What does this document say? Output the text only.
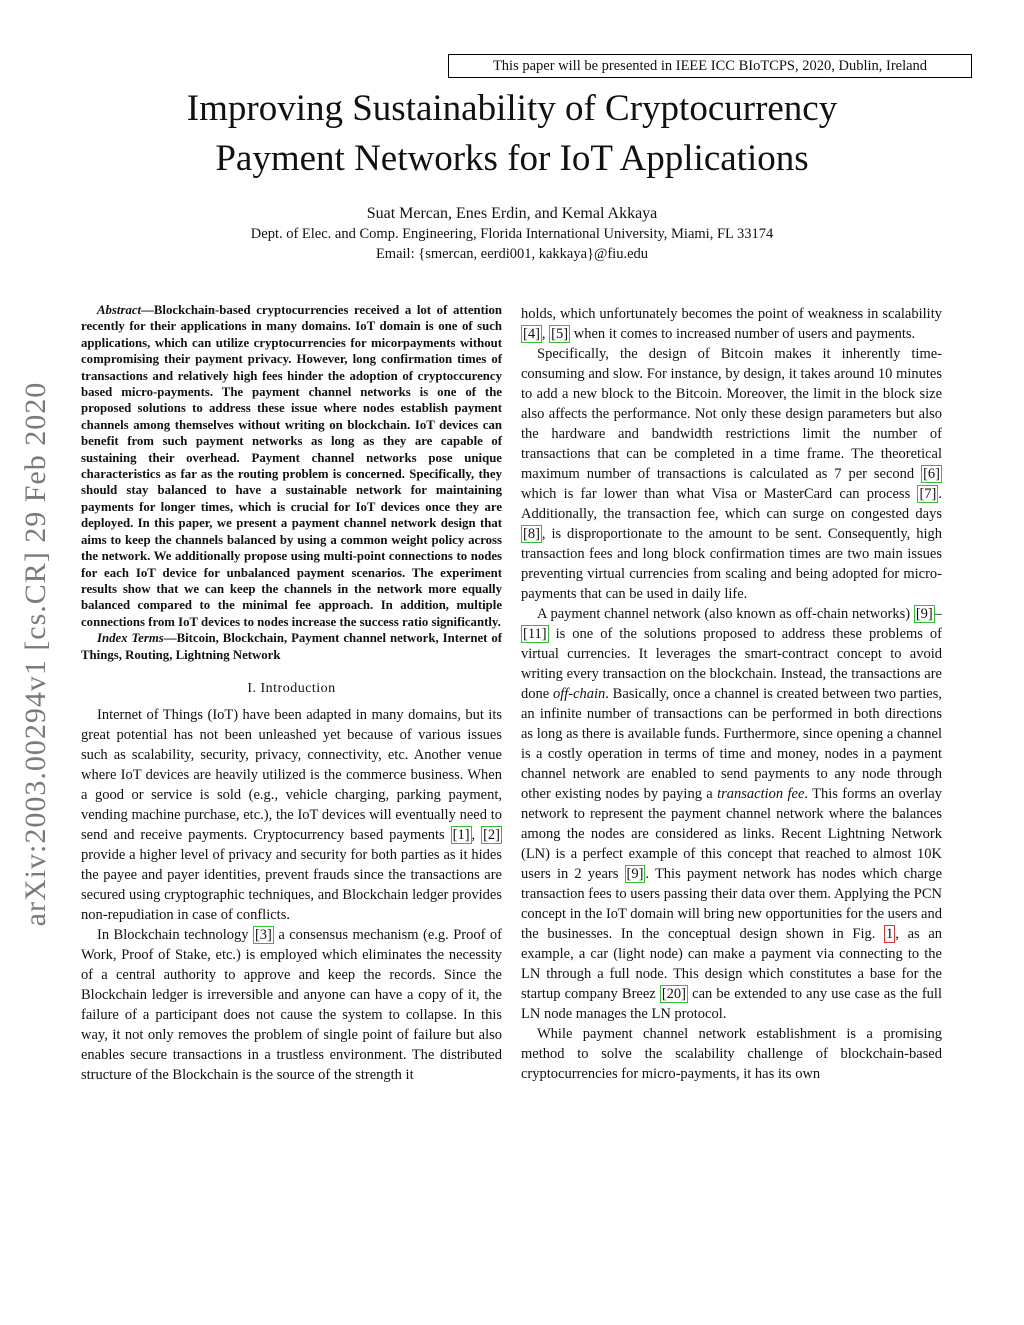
This paper will be presented in IEEE ICC BIoTCPS, 2020, Dublin, Ireland
arXiv:2003.00294v1 [cs.CR] 29 Feb 2020
Improving Sustainability of Cryptocurrency
Payment Networks for IoT Applications
Suat Mercan, Enes Erdin, and Kemal Akkaya
Dept. of Elec. and Comp. Engineering, Florida International University, Miami, FL 33174
Email: {smercan, eerdi001, kakkaya}@fiu.edu

Abstract—Blockchain-based cryptocurrencies received a lot of attention recently for their applications in many domains. IoT domain is one of such applications, which can utilize cryptocurrencies for micorpayments without compromising their payment privacy. However, long confirmation times of transactions and relatively high fees hinder the adoption of cryptoccurency based micro-payments. The payment channel networks is one of the proposed solutions to address these issue where nodes establish payment channels among themselves without writing on blockchain. IoT devices can benefit from such payment networks as long as they are capable of sustaining their overhead. Payment channel networks pose unique characteristics as far as the routing problem is concerned. Specifically, they should stay balanced to have a sustainable network for maintaining payments for longer times, which is crucial for IoT devices once they are deployed. In this paper, we present a payment channel network design that aims to keep the channels balanced by using a common weight policy across the network. We additionally propose using multi-point connections to nodes for each IoT device for unbalanced payment scenarios. The experiment results show that we can keep the channels in the network more equally balanced compared to the minimal fee approach. In addition, multiple connections from IoT devices to nodes increase the success ratio significantly.

Index Terms—Bitcoin, Blockchain, Payment channel network, Internet of Things, Routing, Lightning Network

I. Introduction

Internet of Things (IoT) have been adapted in many domains, but its great potential has not been unleashed yet because of various issues such as scalability, security, privacy, connectivity, etc. Another venue where IoT devices are heavily utilized is the commerce business. When a good or service is sold (e.g., vehicle charging, parking payment, vending machine purchase, etc.), the IoT devices will eventually need to send and receive payments. Cryptocurrency based payments [1] , [2] provide a higher level of privacy and security for both parties as it hides the payee and payer identities, prevent frauds since the transactions are secured using cryptographic techniques, and Blockchain ledger provides non-repudiation in case of conflicts.

In Blockchain technology [3] a consensus mechanism (e.g. Proof of Work, Proof of Stake, etc.) is employed which eliminates the necessity of a central authority to approve and keep the records. Since the Blockchain ledger is irreversible and anyone can have a copy of it, the failure of a participant does not cause the system to collapse. In this way, it not only removes the problem of single point of failure but also enables secure transactions in a trustless environment. The distributed structure of the Blockchain is the source of the strength it

holds, which unfortunately becomes the point of weakness in scalability [4] , [5] when it comes to increased number of users and payments.

Specifically, the design of Bitcoin makes it inherently time-consuming and slow. For instance, by design, it takes around 10 minutes to add a new block to the Bitcoin. Moreover, the limit in the block size also affects the performance. Not only these design parameters but also the hardware and bandwidth restrictions limit the number of transactions that can be completed in a time frame. The theoretical maximum number of transactions is calculated as 7 per second [6] which is far lower than what Visa or MasterCard can process [7] . Additionally, the transaction fee, which can surge on congested days [8] , is disproportionate to the amount to be sent. Consequently, high transaction fees and long block confirmation times are two main issues preventing virtual currencies from scaling and being adopted for micro-payments that can be used in daily life.

A payment channel network (also known as off-chain networks) [9] –[11] is one of the solutions proposed to address these problems of virtual currencies. It leverages the smart-contract concept to avoid writing every transaction on the blockchain. Instead, the transactions are done off-chain. Basically, once a channel is created between two parties, an infinite number of transactions can be performed in both directions as long as there is available funds. Furthermore, since opening a channel is a costly operation in terms of time and money, nodes in a payment channel network are enabled to send payments to any node through other existing nodes by paying a transaction fee. This forms an overlay network to represent the payment channel network where the balances among the nodes are considered as links. Recent Lightning Network (LN) is a perfect example of this concept that reached to almost 10K users in 2 years [9] . This payment network has nodes which charge transaction fees to users passing their data over them. Applying the PCN concept in the IoT domain will bring new opportunities for the users and the businesses. In the conceptual design shown in Fig. 1 , as an example, a car (light node) can make a payment via connecting to the LN through a full node. This design which constitutes a base for the startup company Breez [20] can be extended to any use case as the full LN node manages the LN protocol.

While payment channel network establishment is a promising method to solve the scalability challenge of blockchain-based cryptocurrencies for micro-payments, it has its own
